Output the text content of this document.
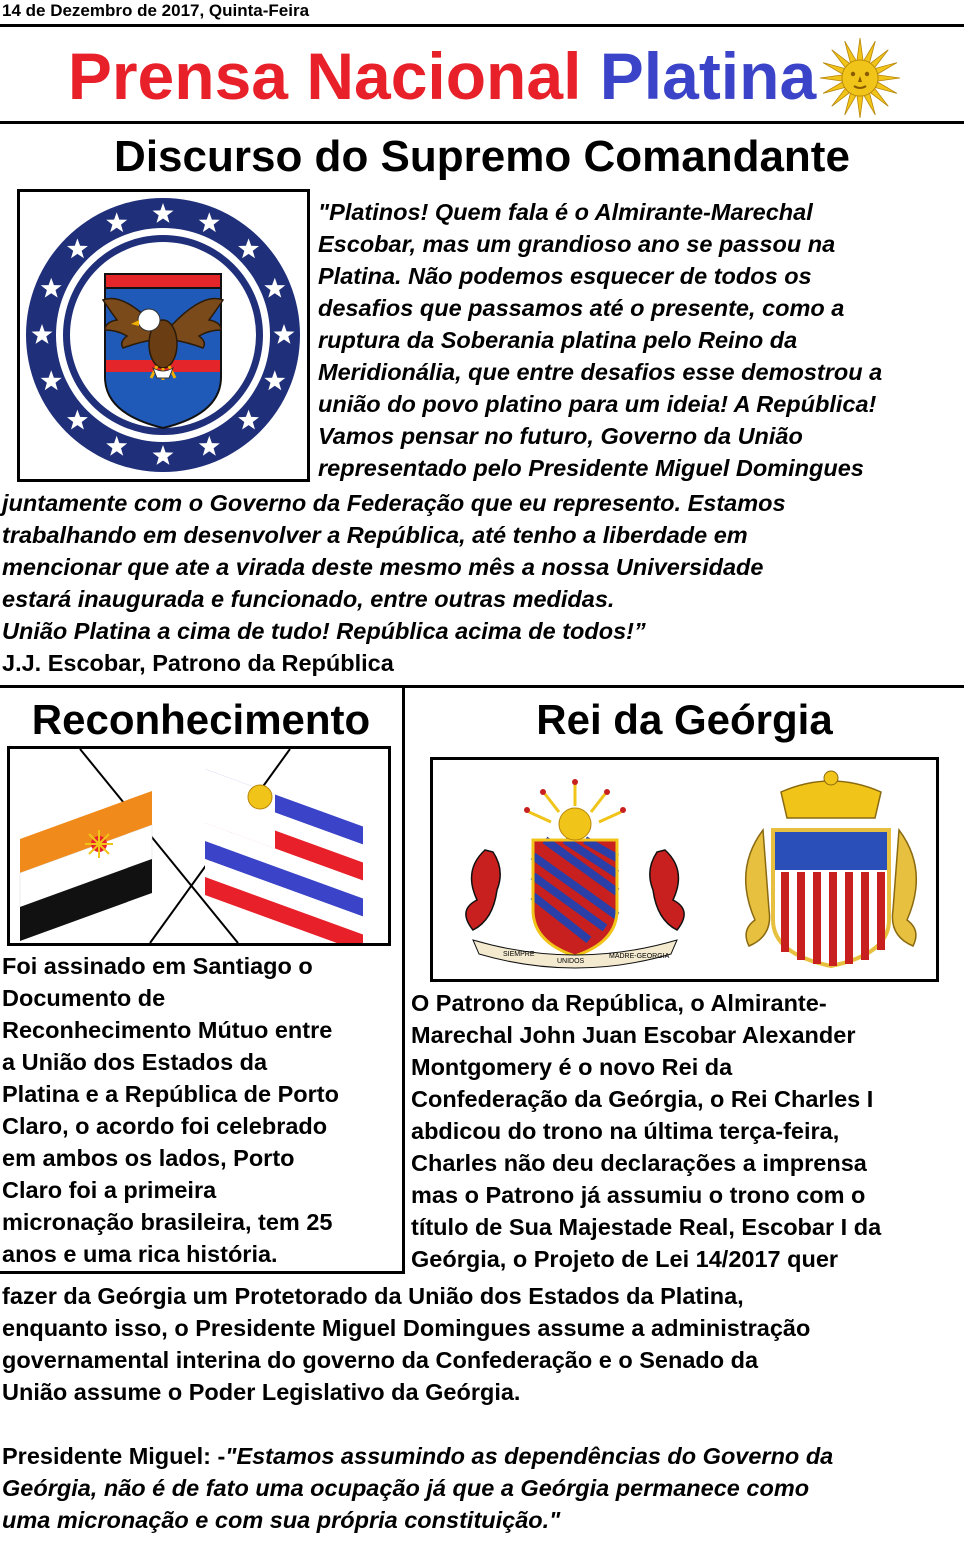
14 de Dezembro de 2017, Quinta-Feira
Prensa Nacional Platina
Discurso do Supremo Comandante
"Platinos! Quem fala é o Almirante-Marechal
Escobar, mas um grandioso ano se passou na
Platina. Não podemos esquecer de todos os
desafios que passamos até o presente, como a
ruptura da Soberania platina pelo Reino da
Meridionália, que entre desafios esse demostrou a
união do povo platino para um ideia! A República!
Vamos pensar no futuro, Governo da União
representado pelo Presidente Miguel Domingues
juntamente com o Governo da Federação que eu represento. Estamos
trabalhando em desenvolver a República, até tenho a liberdade em
mencionar que ate a virada deste mesmo mês a nossa Universidade
estará inaugurada e funcionado, entre outras medidas.
União Platina a cima de tudo! República acima de todos!”
J.J. Escobar, Patrono da República
Reconhecimento
Foi assinado em Santiago o
Documento de
Reconhecimento Mútuo entre
a União dos Estados da
Platina e a República de Porto
Claro, o acordo foi celebrado
em ambos os lados, Porto
Claro foi a primeira
micronação brasileira, tem 25
anos e uma rica história.
Rei da Geórgia
SIEMPRE
UNIDOS
MADRE-GEORGIA
O Patrono da República, o Almirante-
Marechal John Juan Escobar Alexander
Montgomery é o novo Rei da
Confederação da Geórgia, o Rei Charles I
abdicou do trono na última terça-feira,
Charles não deu declarações a imprensa
mas o Patrono já assumiu o trono com o
título de Sua Majestade Real, Escobar I da
Geórgia, o Projeto de Lei 14/2017 quer
fazer da Geórgia um Protetorado da União dos Estados da Platina,
enquanto isso, o Presidente Miguel Domingues assume a administração
governamental interina do governo da Confederação e o Senado da
União assume o Poder Legislativo da Geórgia.
Presidente Miguel: -"Estamos assumindo as dependências do Governo da
Geórgia, não é de fato uma ocupação já que a Geórgia permanece como
uma micronação e com sua própria constituição."
